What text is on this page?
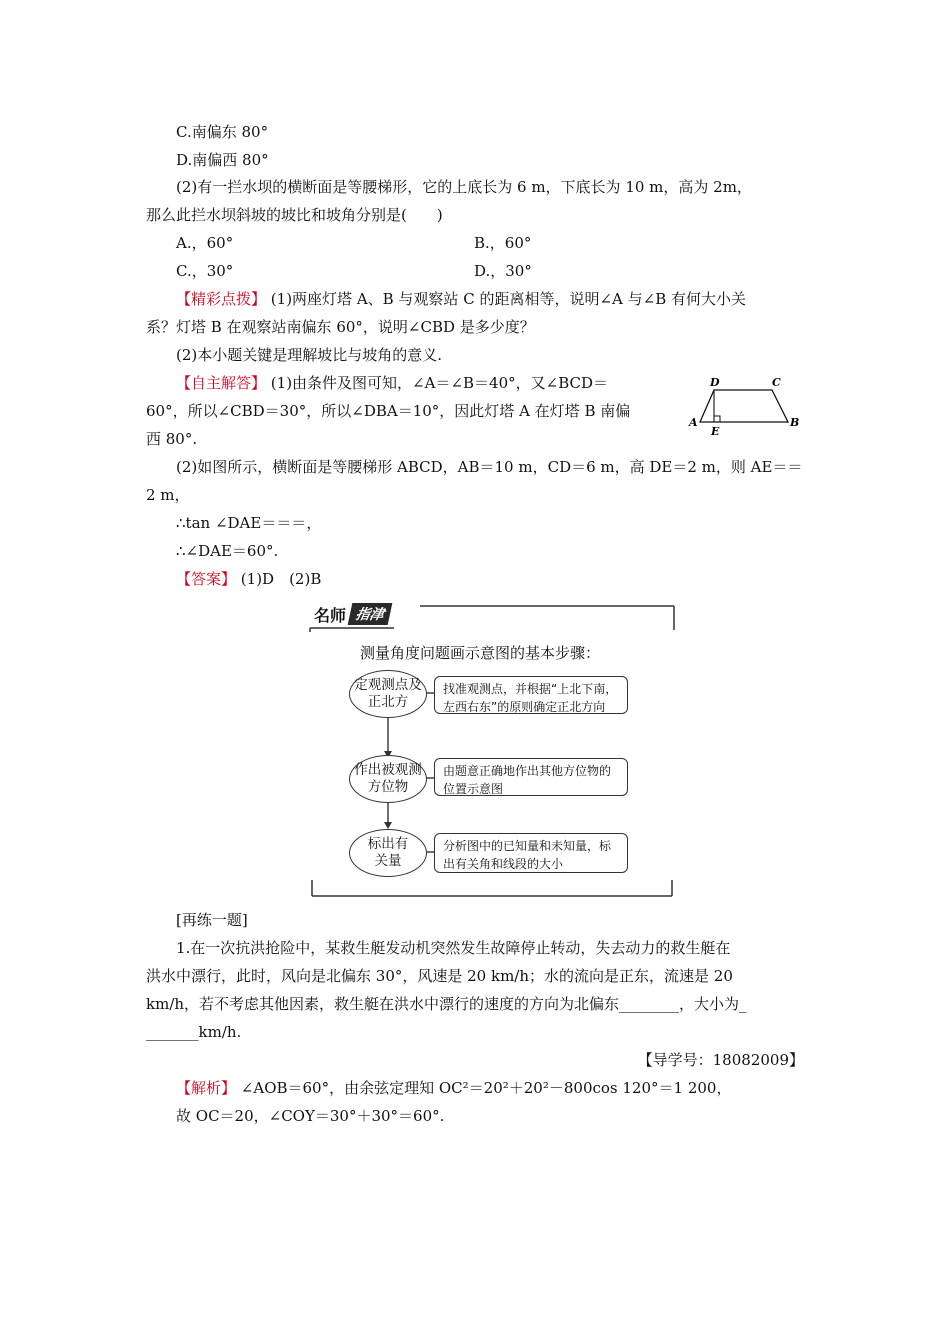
C.南偏东 80°
D.南偏西 80°
(2)有一拦水坝的横断面是等腰梯形，它的上底长为 6 m，下底长为 10 m，高为 2m，
那么此拦水坝斜坡的坡比和坡角分别是(　　)
A.，60°	B.，60°
C.，30°	D.，30°
【精彩点拨】 (1)两座灯塔 A、B 与观察站 C 的距离相等，说明∠A 与∠B 有何大小关
系？灯塔 B 在观察站南偏东 60°，说明∠CBD 是多少度？
(2)本小题关键是理解坡比与坡角的意义.
【自主解答】 (1)由条件及图可知，∠A＝∠B＝40°，又∠BCD＝
60°，所以∠CBD＝30°，所以∠DBA＝10°，因此灯塔 A 在灯塔 B 南偏
西 80°.
D	C
A
E
B
(2)如图所示，横断面是等腰梯形 ABCD，AB＝10 m，CD＝6 m，高 DE＝2 m，则 AE＝＝
2 m，
∴tan ∠DAE＝＝＝，
∴∠DAE＝60°.
【答案】 (1)D　(2)B
名师 指津
测量角度问题画示意图的基本步骤：
定观测点及正北方
找准观测点，并根据“上北下南，左西右东”的原则确定正北方向
作出被观测方位物
由题意正确地作出其他方位物的位置示意图
标出有关量
分析图中的已知量和未知量，标出有关角和线段的大小
[再练一题]
1.在一次抗洪抢险中，某救生艇发动机突然发生故障停止转动，失去动力的救生艇在
洪水中漂行，此时，风向是北偏东 30°，风速是 20 km/h；水的流向是正东，流速是 20
km/h，若不考虑其他因素，救生艇在洪水中漂行的速度的方向为北偏东________，大小为_
_______km/h.
【导学号：18082009】
【解析】 ∠AOB＝60°，由余弦定理知 OC²＝20²＋20²－800cos 120°＝1 200，
故 OC＝20，∠COY＝30°＋30°＝60°.
